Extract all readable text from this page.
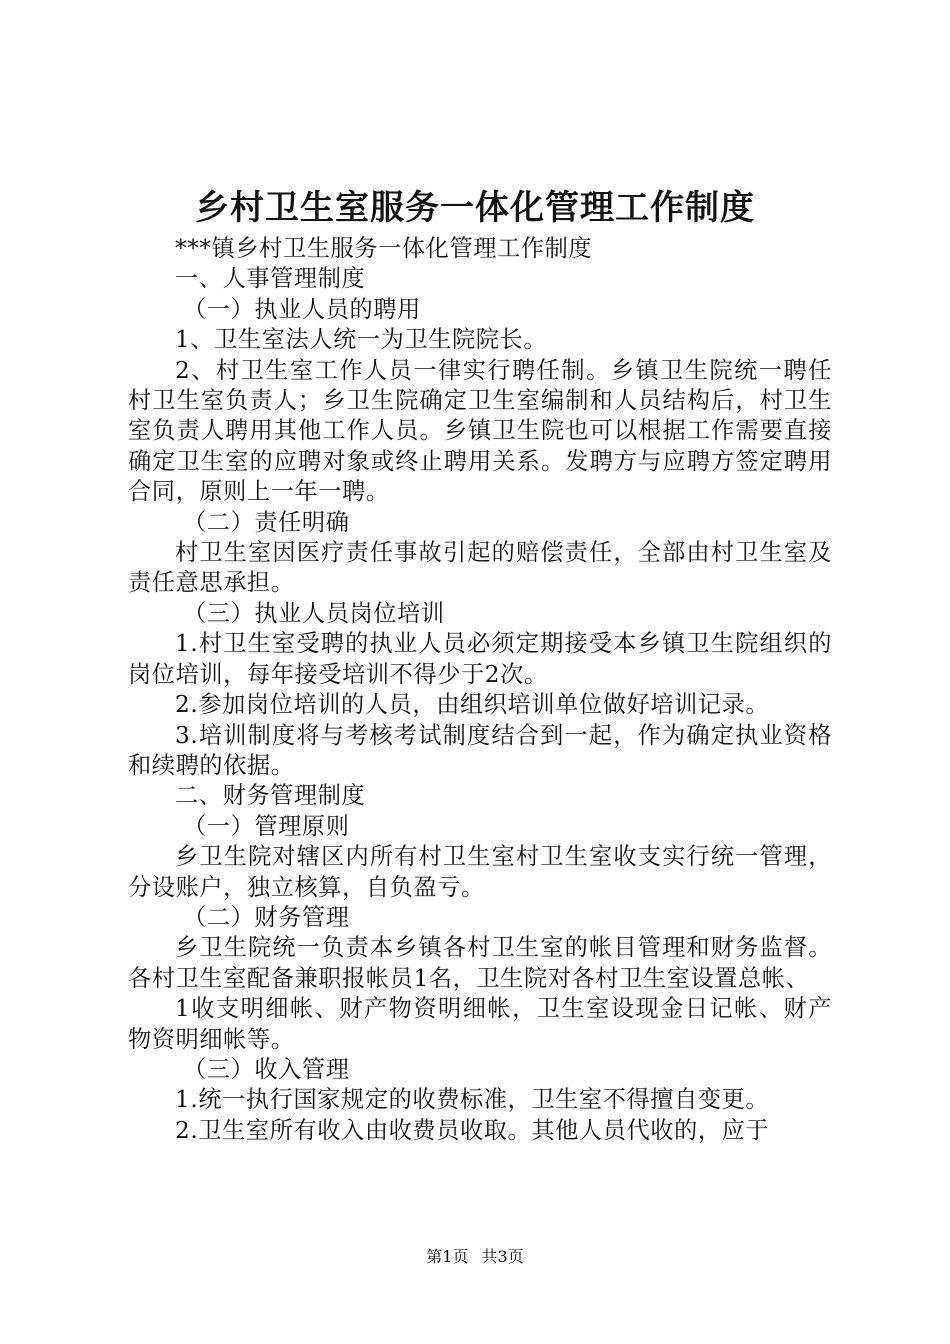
乡村卫生室服务一体化管理工作制度

***镇乡村卫生服务一体化管理工作制度

一、人事管理制度

（一）执业人员的聘用

1、卫生室法人统一为卫生院院长。

2、村卫生室工作人员一律实行聘任制。乡镇卫生院统一聘任村卫生室负责人；乡卫生院确定卫生室编制和人员结构后，村卫生室负责人聘用其他工作人员。乡镇卫生院也可以根据工作需要直接确定卫生室的应聘对象或终止聘用关系。发聘方与应聘方签定聘用合同，原则上一年一聘。

（二）责任明确

村卫生室因医疗责任事故引起的赔偿责任，全部由村卫生室及责任意思承担。

（三）执业人员岗位培训

1.村卫生室受聘的执业人员必须定期接受本乡镇卫生院组织的岗位培训，每年接受培训不得少于2次。

2.参加岗位培训的人员，由组织培训单位做好培训记录。

3.培训制度将与考核考试制度结合到一起，作为确定执业资格和续聘的依据。

二、财务管理制度

（一）管理原则

乡卫生院对辖区内所有村卫生室村卫生室收支实行统一管理，分设账户，独立核算，自负盈亏。

（二）财务管理

乡卫生院统一负责本乡镇各村卫生室的帐目管理和财务监督。各村卫生室配备兼职报帐员1名，卫生院对各村卫生室设置总帐、

1收支明细帐、财产物资明细帐，卫生室设现金日记帐、财产物资明细帐等。

（三）收入管理

1.统一执行国家规定的收费标准，卫生室不得擅自变更。

2.卫生室所有收入由收费员收取。其他人员代收的，应于

第1页 共3页
